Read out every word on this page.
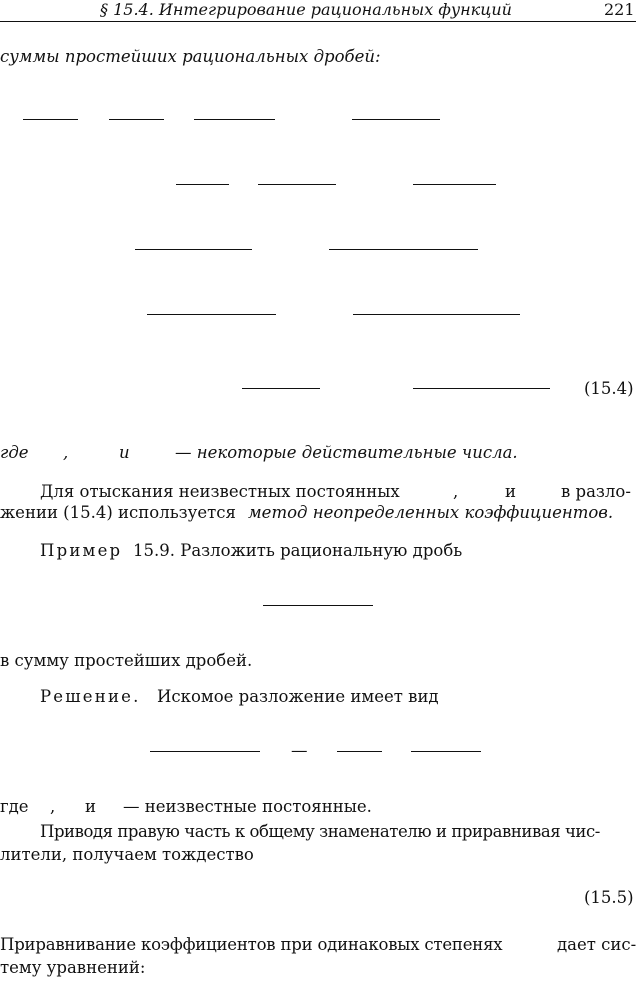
§ 15.4. Интегрирование рациональных функций	221
суммы простейших рациональных дробей:
(15.4)
где ,	и	— некоторые действительные числа.
Для отыскания неизвестных постоянных	,	и	в разло-
жении (15.4) используется метод неопределенных коэффициентов.
Пример 15.9. Разложить рациональную дробь
в сумму простейших дробей.
Решение. Искомое разложение имеет вид
—
где , и — неизвестные постоянные.
Приводя правую часть к общему знаменателю и приравнивая чис-
лители, получаем тождество
(15.5)
Приравнивание коэффициентов при одинаковых степенях	дает сис-
тему уравнений:
